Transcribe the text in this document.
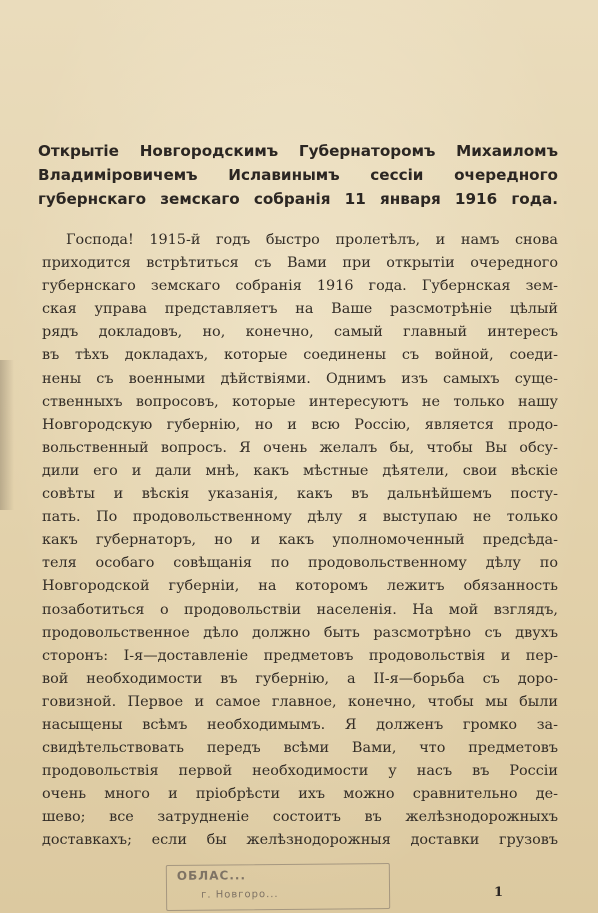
Открытіе Новгородскимъ Губернаторомъ Михаиломъ
Владиміровичемъ Иславинымъ сессіи очередного
губернскаго земскаго собранія 11 января 1916 года.
Господа! 1915-й годъ быстро пролетѣлъ, и намъ снова
приходится встрѣтиться съ Вами при открытіи очередного
губернскаго земскаго собранія 1916 года. Губернская зем-
ская управа представляетъ на Ваше разсмотрѣніе цѣлый
рядъ докладовъ, но, конечно, самый главный интересъ
въ тѣхъ докладахъ, которые соединены съ войной, соеди-
нены съ военными дѣйствіями. Однимъ изъ самыхъ суще-
ственныхъ вопросовъ, которые интересуютъ не только нашу
Новгородскую губернію, но и всю Россію, является продо-
вольственный вопросъ. Я очень желалъ бы, чтобы Вы обсу-
дили его и дали мнѣ, какъ мѣстные дѣятели, свои вѣскіе
совѣты и вѣскія указанія, какъ въ дальнѣйшемъ посту-
пать. По продовольственному дѣлу я выступаю не только
какъ губернаторъ, но и какъ уполномоченный предсѣда-
теля особаго совѣщанія по продовольственному дѣлу по
Новгородской губерніи, на которомъ лежитъ обязанность
позаботиться о продовольствіи населенія. На мой взглядъ,
продовольственное дѣло должно быть разсмотрѣно съ двухъ
сторонъ: І-я—доставленіе предметовъ продовольствія и пер-
вой необходимости въ губернію, а ІІ-я—борьба съ доро-
говизной. Первое и самое главное, конечно, чтобы мы были
насыщены всѣмъ необходимымъ. Я долженъ громко за-
свидѣтельствовать передъ всѣми Вами, что предметовъ
продовольствія первой необходимости у насъ въ Россіи
очень много и пріобрѣсти ихъ можно сравнительно де-
шево; все затрудненіе состоитъ въ желѣзнодорожныхъ
доставкахъ; если бы желѣзнодорожныя доставки грузовъ
ОБЛАС...
г. Новгоро...	1
